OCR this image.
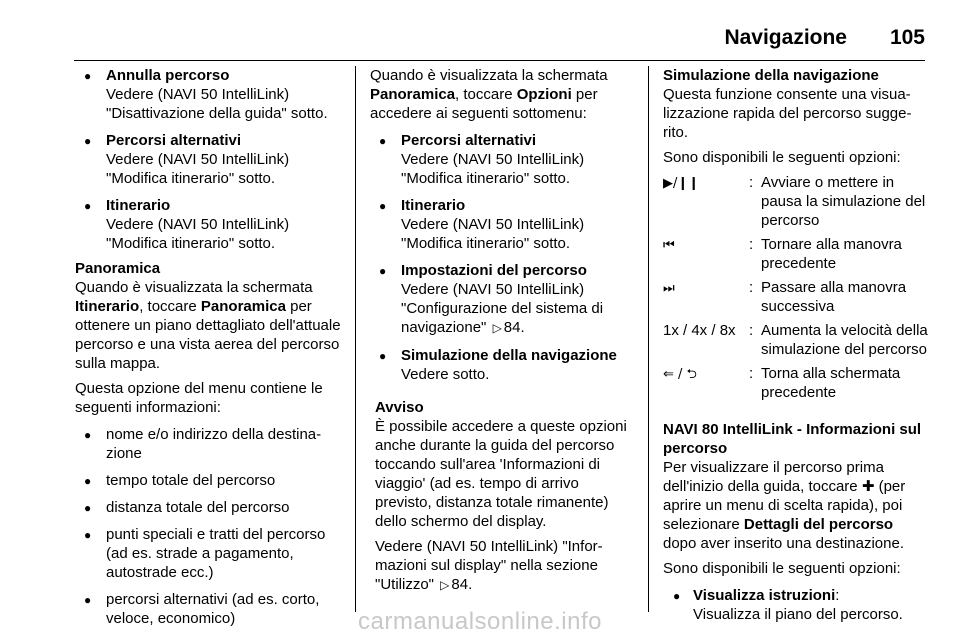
Navigazione 105
●

Annulla percorso

Vedere (NAVI 50 IntelliLink) "Disattivazione della guida" sotto.

●

Percorsi alternativi

Vedere (NAVI 50 IntelliLink) "Modifica itinerario" sotto.

●

Itinerario

Vedere (NAVI 50 IntelliLink) "Modifica itinerario" sotto.

Panoramica

Quando è visualizzata la schermata Itinerario, toccare Panoramica per ottenere un piano dettagliato dell'attuale percorso e una vista aerea del percorso sulla mappa.

Questa opzione del menu contiene le seguenti informazioni:

●

nome e/o indirizzo della destinazione

●

tempo totale del percorso

●

distanza totale del percorso

●

punti speciali e tratti del percorso (ad es. strade a pagamento, autostrade ecc.)

●

percorsi alternativi (ad es. corto, veloce, economico)

Quando è visualizzata la schermata Panoramica, toccare Opzioni per accedere ai seguenti sottomenu:

●

Percorsi alternativi

Vedere (NAVI 50 IntelliLink) "Modifica itinerario" sotto.

●

Itinerario

Vedere (NAVI 50 IntelliLink) "Modifica itinerario" sotto.

●

Impostazioni del percorso

Vedere (NAVI 50 IntelliLink) "Configurazione del sistema di navigazione" ▷ 84.

●

Simulazione della navigazione

Vedere sotto.

Avviso

È possibile accedere a queste opzioni anche durante la guida del percorso toccando sull'area 'Informazioni di viaggio' (ad es. tempo di arrivo previsto, distanza totale rimanente) dello schermo del display.

Vedere (NAVI 50 IntelliLink) "Informazioni sul display" nella sezione "Utilizzo" ▷ 84.

Simulazione della navigazione

Questa funzione consente una visualizzazione rapida del percorso suggerito.

Sono disponibili le seguenti opzioni:

▶/❙❙	:	Avviare o mettere in pausa la simulazione del percorso
⏮	:	Tornare alla manovra precedente
⏭	:	Passare alla manovra successiva
1x / 4x / 8x	:	Aumenta la velocità della simulazione del percorso
⇐ / ⮌	:	Torna alla schermata precedente

NAVI 80 IntelliLink - Informazioni sul percorso

Per visualizzare il percorso prima dell'inizio della guida, toccare ✚ (per aprire un menu di scelta rapida), poi selezionare Dettagli del percorso dopo aver inserito una destinazione.

Sono disponibili le seguenti opzioni:

●

Visualizza istruzioni:

Visualizza il piano del percorso.

carmanualsonline.info
